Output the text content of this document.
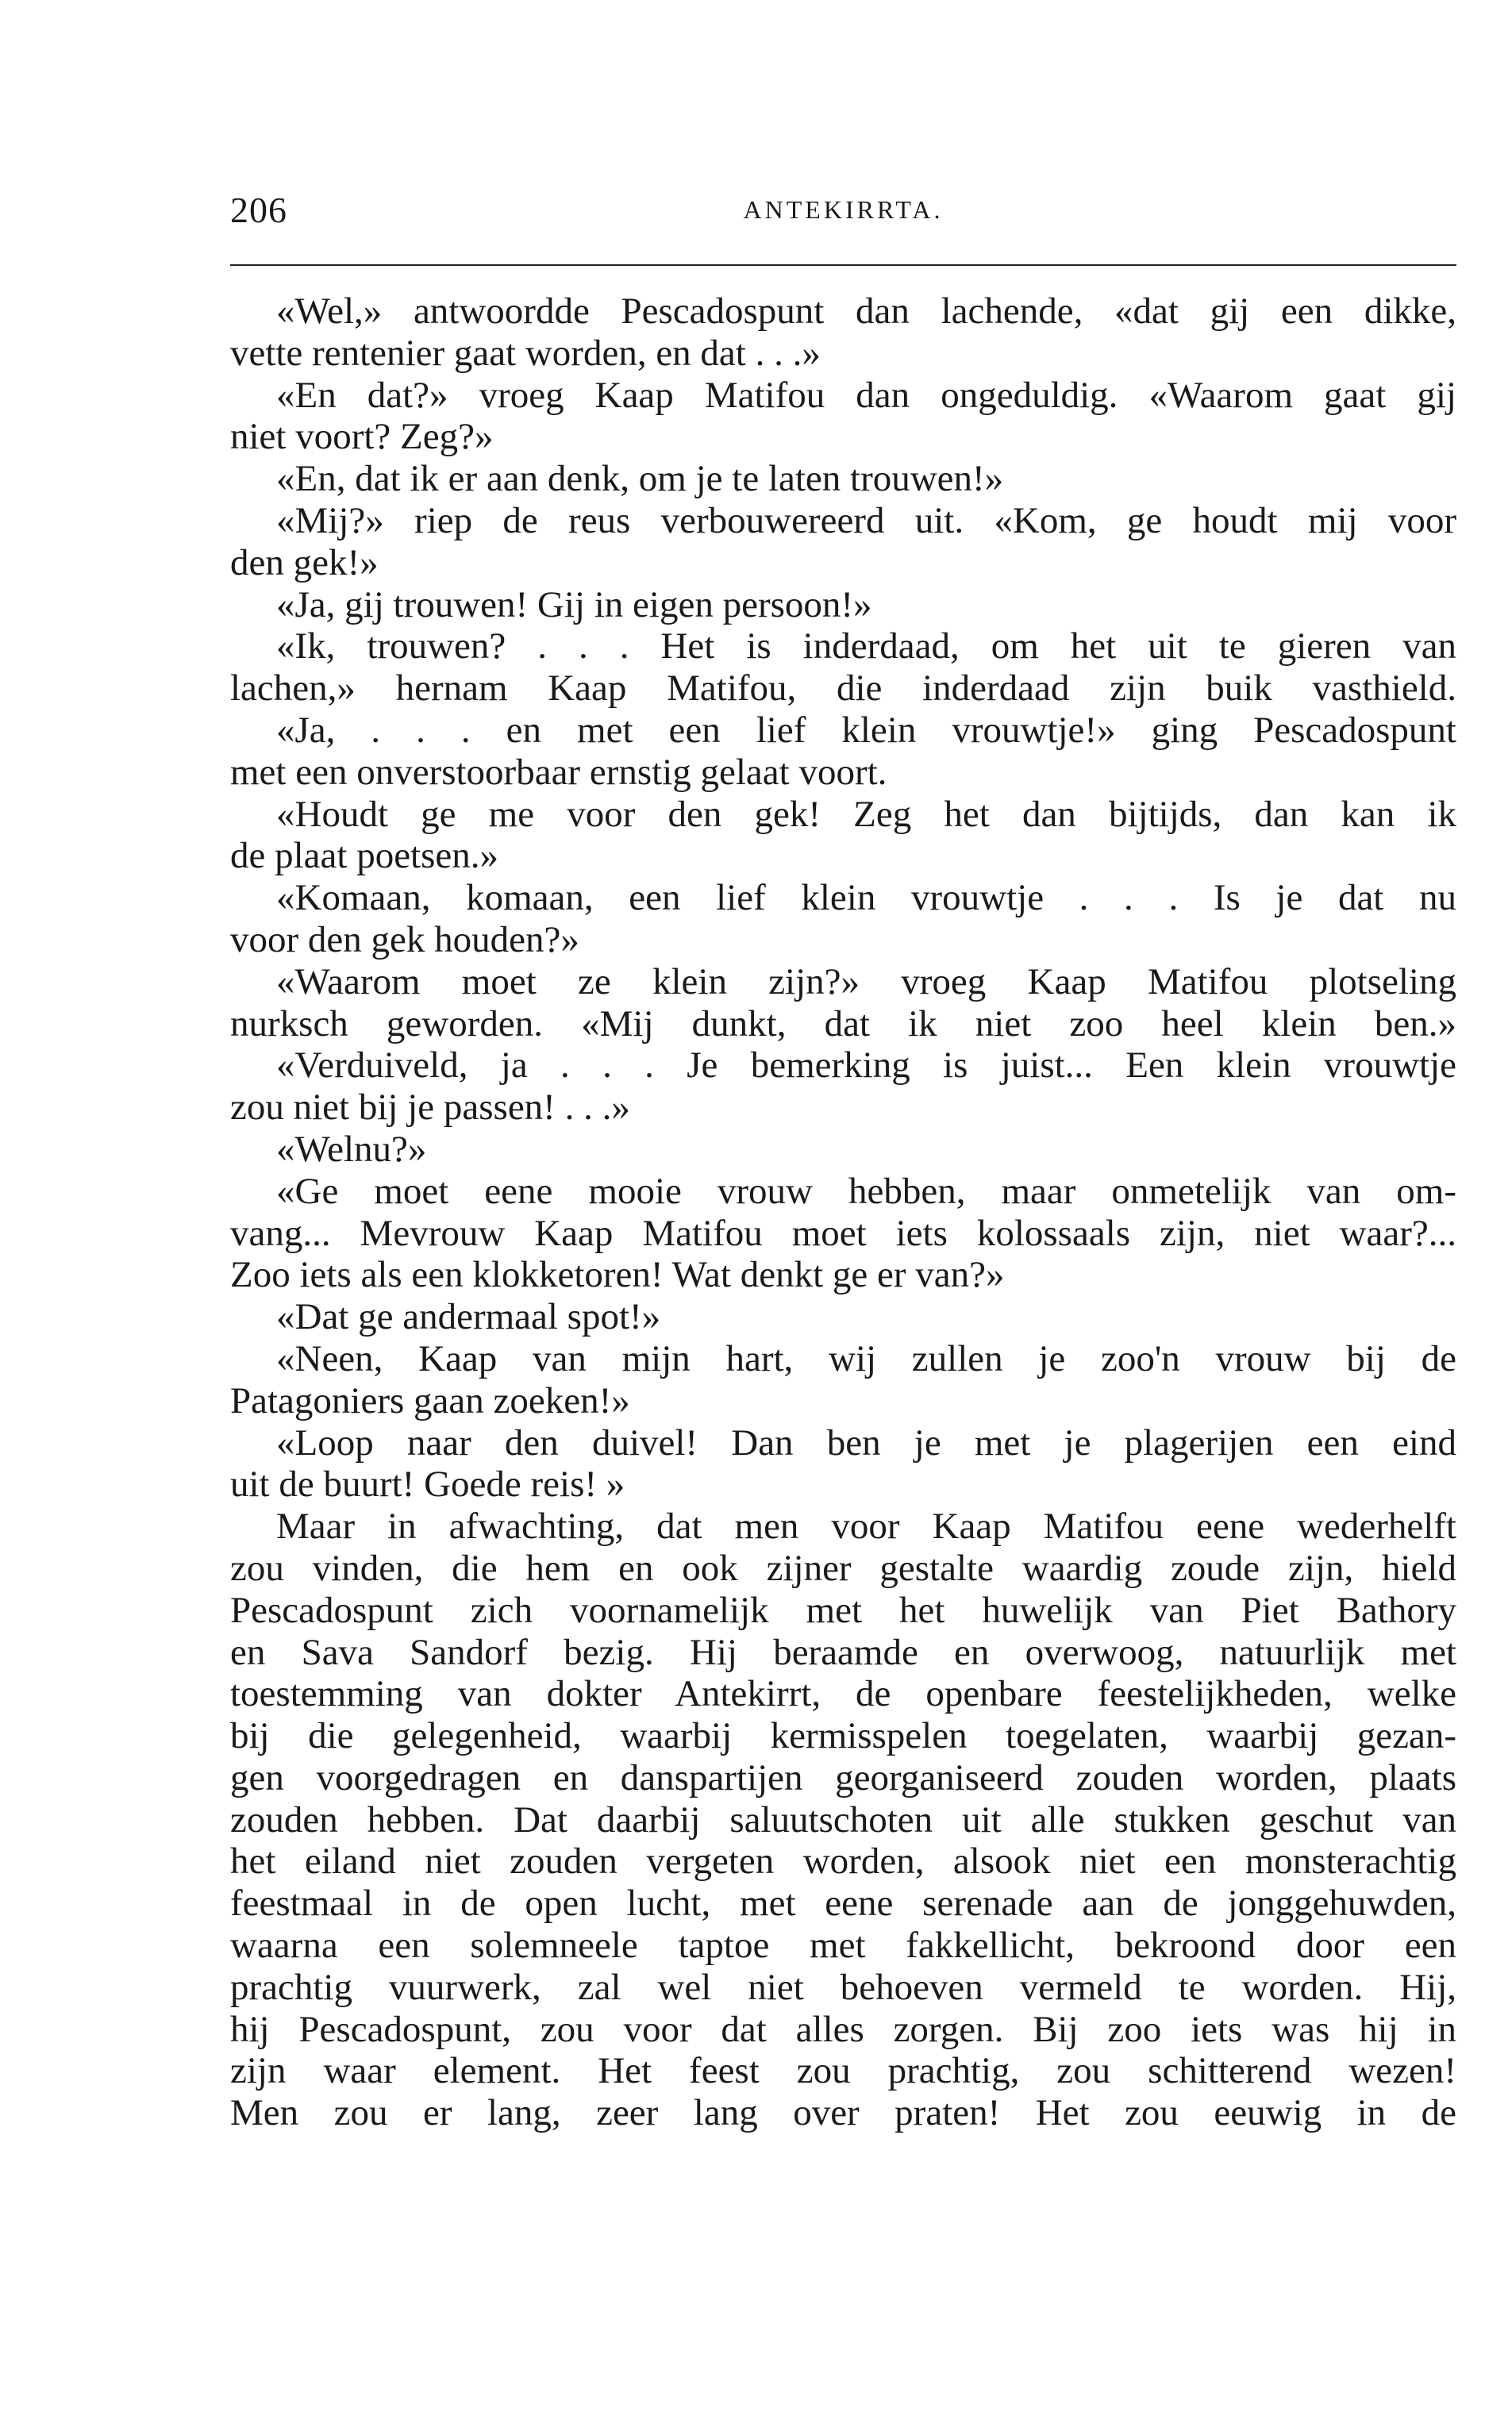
206	ANTEKIRRTA.
«Wel,» antwoordde Pescadospunt dan lachende, «dat gij een dikke,
vette rentenier gaat worden, en dat . . .»
«En dat?» vroeg Kaap Matifou dan ongeduldig. «Waarom gaat gij
niet voort? Zeg?»
«En, dat ik er aan denk, om je te laten trouwen!»
«Mij?» riep de reus verbouwereerd uit. «Kom, ge houdt mij voor
den gek!»
«Ja, gij trouwen! Gij in eigen persoon!»
«Ik, trouwen? . . . Het is inderdaad, om het uit te gieren van
lachen,» hernam Kaap Matifou, die inderdaad zijn buik vasthield.
«Ja, . . . en met een lief klein vrouwtje!» ging Pescadospunt
met een onverstoorbaar ernstig gelaat voort.
«Houdt ge me voor den gek! Zeg het dan bijtijds, dan kan ik
de plaat poetsen.»
«Komaan, komaan, een lief klein vrouwtje . . . Is je dat nu
voor den gek houden?»
«Waarom moet ze klein zijn?» vroeg Kaap Matifou plotseling
nurksch geworden. «Mij dunkt, dat ik niet zoo heel klein ben.»
«Verduiveld, ja . . . Je bemerking is juist... Een klein vrouwtje
zou niet bij je passen! . . .»
«Welnu?»
«Ge moet eene mooie vrouw hebben, maar onmetelijk van om-
vang... Mevrouw Kaap Matifou moet iets kolossaals zijn, niet waar?...
Zoo iets als een klokketoren! Wat denkt ge er van?»
«Dat ge andermaal spot!»
«Neen, Kaap van mijn hart, wij zullen je zoo'n vrouw bij de
Patagoniers gaan zoeken!»
«Loop naar den duivel! Dan ben je met je plagerijen een eind
uit de buurt! Goede reis! »
Maar in afwachting, dat men voor Kaap Matifou eene wederhelft
zou vinden, die hem en ook zijner gestalte waardig zoude zijn, hield
Pescadospunt zich voornamelijk met het huwelijk van Piet Bathory
en Sava Sandorf bezig. Hij beraamde en overwoog, natuurlijk met
toestemming van dokter Antekirrt, de openbare feestelijkheden, welke
bij die gelegenheid, waarbij kermisspelen toegelaten, waarbij gezan-
gen voorgedragen en danspartijen georganiseerd zouden worden, plaats
zouden hebben. Dat daarbij saluutschoten uit alle stukken geschut van
het eiland niet zouden vergeten worden, alsook niet een monsterachtig
feestmaal in de open lucht, met eene serenade aan de jonggehuwden,
waarna een solemneele taptoe met fakkellicht, bekroond door een
prachtig vuurwerk, zal wel niet behoeven vermeld te worden. Hij,
hij Pescadospunt, zou voor dat alles zorgen. Bij zoo iets was hij in
zijn waar element. Het feest zou prachtig, zou schitterend wezen!
Men zou er lang, zeer lang over praten! Het zou eeuwig in de
